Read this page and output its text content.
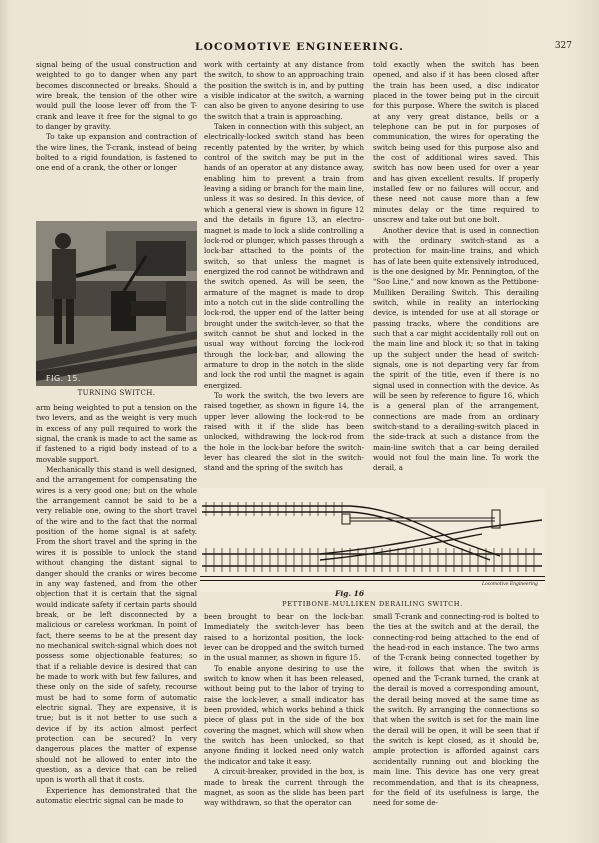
LOCOMOTIVE ENGINEERING.	327

signal being of the usual construction and weighted to go to danger when any part becomes disconnected or breaks. Should a wire break, the tension of the other wire would pull the loose lever off from the T-crank and leave it free for the signal to go to danger by gravity.

To take up expansion and contraction of the wire lines, the T-crank, instead of being bolted to a rigid foundation, is fastened to one end of a crank, the other or longer

FIG. 15.
TURNING SWITCH.

arm being weighted to put a tension on the two levers, and as the weight is very much in excess of any pull required to work the signal, the crank is made to act the same as if fastened to a rigid body instead of to a movable support.

Mechanically this stand is well designed, and the arrangement for compensating the wires is a very good one; but on the whole the arrangement cannot be said to be a very reliable one, owing to the short travel of the wire and to the fact that the normal position of the home signal is at safety. From the short travel and the spring in the wires it is possible to unlock the stand without changing the distant signal to danger should the cranks or wires become in any way fastened, and from the other objection that it is certain that the signal would indicate safety if certain parts should break, or be left disconnected by a malicious or careless workman. In point of fact, there seems to be at the present day no mechanical switch-signal which does not possess some objectionable features; so that if a reliable device is desired that can be made to work with but few failures, and these only on the side of safety, recourse must be had to some form of automatic electric signal. They are expensive, it is true; but is it not better to use such a device if by its action almost perfect protection can be secured? In very dangerous places the matter of expense should not be allowed to enter into the question, as a device that can be relied upon is worth all that it costs.

Experience has demonstrated that the automatic electric signal can be made to

work with certainty at any distance from the switch, to show to an approaching train the position the switch is in, and by putting a visible indicator at the switch, a warning can also be given to anyone desiring to use the switch that a train is approaching.

Taken in connection with this subject, an electrically-locked switch stand has been recently patented by the writer, by which control of the switch may be put in the hands of an operator at any distance away, enabling him to prevent a train from leaving a siding or branch for the main line, unless it was so desired. In this device, of which a general view is shown in figure 12 and the details in figure 13, an electro-magnet is made to lock a slide controlling a lock-rod or plunger, which passes through a lock-bar attached to the points of the switch, so that unless the magnet is energized the rod cannot be withdrawn and the switch opened. As will be seen, the armature of the magnet is made to drop into a notch cut in the slide controlling the lock-rod, the upper end of the latter being brought under the switch-lever, so that the switch cannot be shut and locked in the usual way without forcing the lock-rod through the lock-bar, and allowing the armature to drop in the notch in the slide and lock the rod until the magnet is again energized.

To work the switch, the two levers are raised together, as shown in figure 14, the upper lever allowing the lock-rod to be raised with it if the slide has been unlocked, withdrawing the lock-rod from the hole in the lock-bar before the switch-lever has cleared the slot in the switch-stand and the spring of the switch has

told exactly when the switch has been opened, and also if it has been closed after the train has been used, a disc indicator placed in the tower being put in the circuit for this purpose. Where the switch is placed at any very great distance, bells or a telephone can be put in for purposes of communication, the wires for operating the switch being used for this purpose also and the cost of additional wires saved. This switch has now been used for over a year and has given excellent results. If properly installed few or no failures will occur, and these need not cause more than a few minutes delay or the time required to unscrew and take out but one bolt.

Another device that is used in connection with the ordinary switch-stand as a protection for main-line trains, and which has of late been quite extensively introduced, is the one designed by Mr. Pennington, of the "Soo Line," and now known as the Pettibone-Mulliken Derailing Switch. This derailing switch, while in reality an interlocking device, is intended for use at all storage or passing tracks, where the conditions are such that a car might accidentally roll out on the main line and block it; so that in taking up the subject under the head of switch-signals, one is not departing very far from the spirit of the title, even if there is no signal used in connection with the device. As will be seen by reference to figure 16, which is a general plan of the arrangement, connections are made from an ordinary switch-stand to a derailing-switch placed in the side-track at such a distance from the main-line switch that a car being derailed would not foul the main line. To work the derail, a

Locomotive Engineering
Fig. 16
PETTIBONE-MULLIKEN DERAILING SWITCH.

been brought to bear on the lock-bar. Immediately the switch-lever has been raised to a horizontal position, the lock-lever can be dropped and the switch turned in the usual manner, as shown in figure 15.

To enable anyone desiring to use the switch to know when it has been released, without being put to the labor of trying to raise the lock-lever, a small indicator has been provided, which works behind a thick piece of glass put in the side of the box covering the magnet, which will show when the switch has been unlocked, so that anyone finding it locked need only watch the indicator and take it easy.

A circuit-breaker, provided in the box, is made to break the current through the magnet, as soon as the slide has been part way withdrawn, so that the operator can

small T-crank and connecting-rod is bolted to the ties at the switch and at the derail, the connecting-rod being attached to the end of the head-rod in each instance. The two arms of the T-crank being connected together by wire, it follows that when the switch is opened and the T-crank turned, the crank at the derail is moved a corresponding amount, the derail being moved at the same time as the switch. By arranging the connections so that when the switch is set for the main line the derail will be open, it will be seen that if the switch is kept closed, as it should be, ample protection is afforded against cars accidentally running out and blocking the main line. This device has one very great recommendation, and that is its cheapness, for the field of its usefulness is large, the need for some de-
